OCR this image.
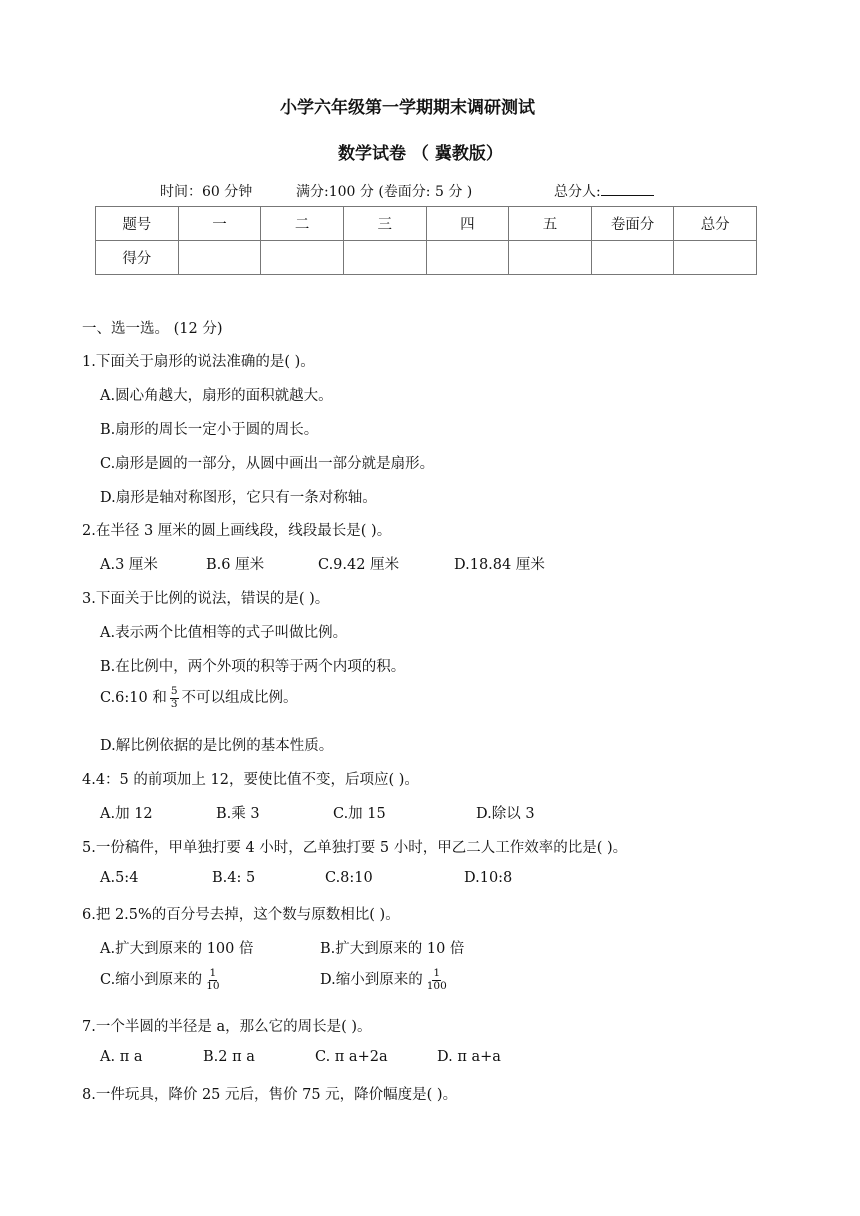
小学六年级第一学期期末调研测试
数学试卷 （ 冀教版）
时间：60 分钟	满分:100 分 (卷面分: 5 分 )	总分人:
题号	一	二	三	四	五	卷面分	总分
得分							
一、选一选。 (12 分)
1.下面关于扇形的说法准确的是( )。
A.圆心角越大，扇形的面积就越大。
B.扇形的周长一定小于圆的周长。
C.扇形是圆的一部分，从圆中画出一部分就是扇形。
D.扇形是轴对称图形，它只有一条对称轴。
2.在半径 3 厘米的圆上画线段，线段最长是( )。
A.3 厘米	B.6 厘米	C.9.42 厘米	D.18.84 厘米
3.下面关于比例的说法，错误的是( )。
A.表示两个比值相等的式子叫做比例。
B.在比例中，两个外项的积等于两个内项的积。
C.6:10 和 $\frac{5}{3}$ 不可以组成比例。
D.解比例依据的是比例的基本性质。
4.4：5 的前项加上 12，要使比值不变，后项应( )。
A.加 12	B.乘 3	C.加 15	D.除以 3
5.一份稿件，甲单独打要 4 小时，乙单独打要 5 小时，甲乙二人工作效率的比是( )。
A.5:4	B.4: 5	C.8:10	D.10:8
6.把 2.5%的百分号去掉，这个数与原数相比( )。
A.扩大到原来的 100 倍	B.扩大到原来的 10 倍
C.缩小到原来的 $\frac{1}{10}$	D.缩小到原来的 $\frac{1}{100}$
7.一个半圆的半径是 a，那么它的周长是( )。
A. π a	B.2 π a	C. π a+2a	D. π a+a
8.一件玩具，降价 25 元后，售价 75 元，降价幅度是( )。
